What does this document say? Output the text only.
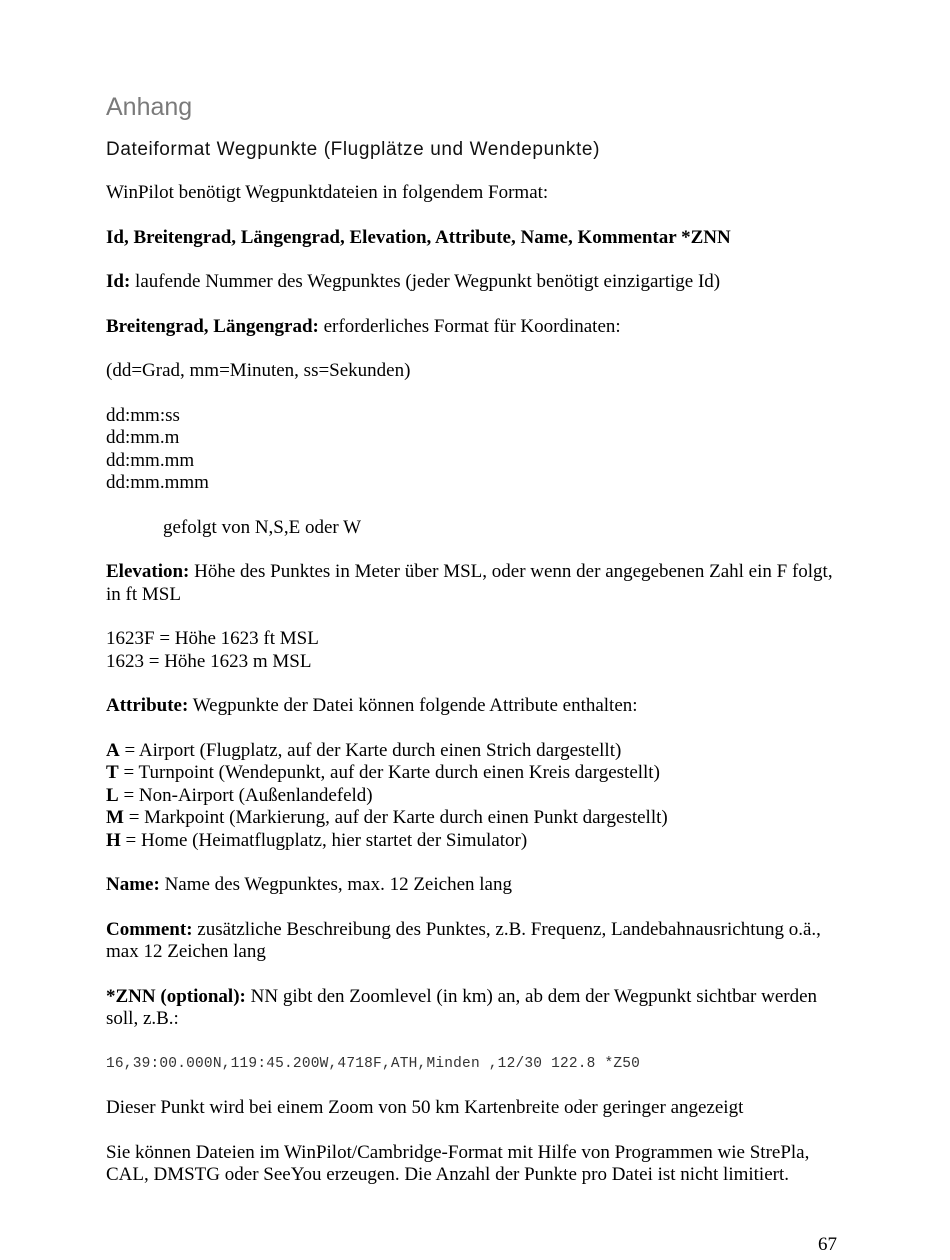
Anhang
Dateiformat Wegpunkte (Flugplätze und Wendepunkte)

WinPilot benötigt Wegpunktdateien in folgendem Format:

Id, Breitengrad, Längengrad, Elevation, Attribute, Name, Kommentar *ZNN

Id: laufende Nummer des Wegpunktes (jeder Wegpunkt benötigt einzigartige Id)

Breitengrad, Längengrad: erforderliches Format für Koordinaten:

(dd=Grad, mm=Minuten, ss=Sekunden)

dd:mm:ss
dd:mm.m
dd:mm.mm
dd:mm.mmm

gefolgt von N,S,E oder W

Elevation: Höhe des Punktes in Meter über MSL, oder wenn der angegebenen Zahl ein F folgt, in ft MSL

1623F = Höhe 1623 ft MSL
1623 = Höhe 1623 m MSL

Attribute: Wegpunkte der Datei können folgende Attribute enthalten:

A = Airport (Flugplatz, auf der Karte durch einen Strich dargestellt)
T = Turnpoint (Wendepunkt, auf der Karte durch einen Kreis dargestellt)
L = Non-Airport (Außenlandefeld)
M = Markpoint (Markierung, auf der Karte durch einen Punkt dargestellt)
H = Home (Heimatflugplatz, hier startet der Simulator)

Name: Name des Wegpunktes, max. 12 Zeichen lang

Comment: zusätzliche Beschreibung des Punktes, z.B. Frequenz, Landebahnausrichtung o.ä., max 12 Zeichen lang

*ZNN (optional): NN gibt den Zoomlevel (in km) an, ab dem der Wegpunkt sichtbar werden soll, z.B.:

16,39:00.000N,119:45.200W,4718F,ATH,Minden ,12/30 122.8 *Z50

Dieser Punkt wird bei einem Zoom von 50 km Kartenbreite oder geringer angezeigt

Sie können Dateien im WinPilot/Cambridge-Format mit Hilfe von Programmen wie StrePla, CAL, DMSTG oder SeeYou erzeugen. Die Anzahl der Punkte pro Datei ist nicht limitiert.

67
